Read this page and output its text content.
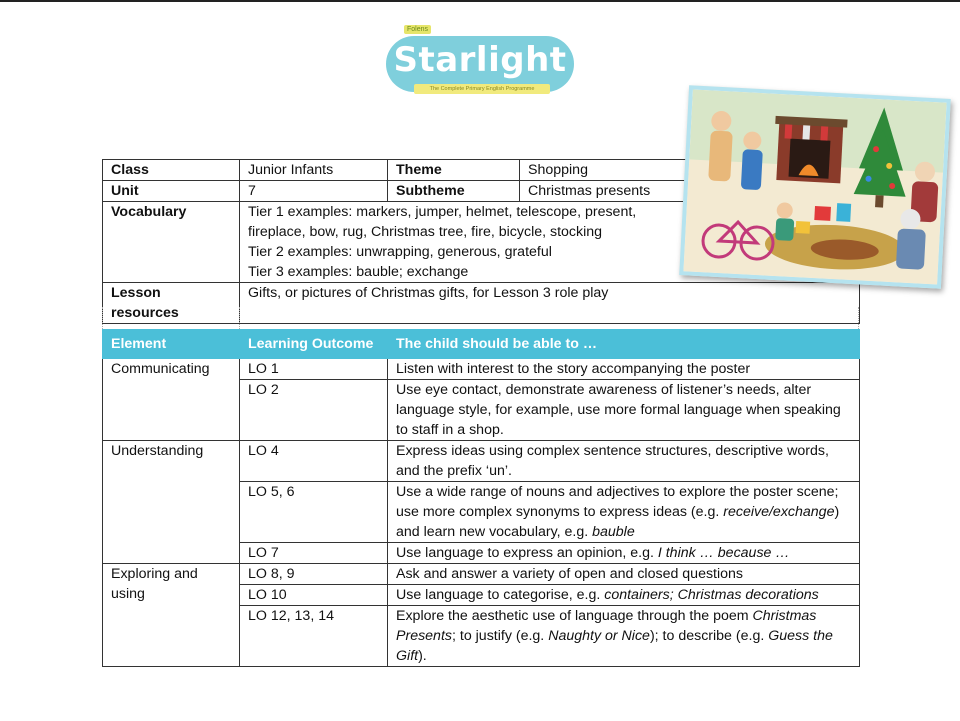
Folens
Starlight
The Complete Primary English Programme
Class	Junior Infants	Theme	Shopping
Unit	7	Subtheme	Christmas presents
Vocabulary	Tier 1 examples: markers, jumper, helmet, telescope, present,
fireplace, bow, rug, Christmas tree, fire, bicycle, stocking
Tier 2 examples: unwrapping, generous, grateful
Tier 3 examples: bauble; exchange		

Lesson resources	Gifts, or pictures of Christmas gifts, for Lesson 3 role play		
Element	Learning Outcome	The child should be able to …
Communicating	LO 1	Listen with interest to the story accompanying the poster
	LO 2	Use eye contact, demonstrate awareness of listener’s needs, alter language style, for example, use more formal language when speaking to staff in a shop.
Understanding	LO 4	Express ideas using complex sentence structures, descriptive words, and the prefix ‘un’.
	LO 5, 6	Use a wide range of nouns and adjectives to explore the poster scene; use more complex synonyms to express ideas (e.g. receive/exchange) and learn new vocabulary, e.g. bauble
	LO 7	Use language to express an opinion, e.g. I think … because …

Exploring and
using	LO 8, 9	Ask and answer a variety of open and closed questions
	LO 10	Use language to categorise, e.g. containers; Christmas decorations
	LO 12, 13, 14	Explore the aesthetic use of language through the poem Christmas Presents; to justify (e.g. Naughty or Nice); to describe (e.g. Guess the Gift).
